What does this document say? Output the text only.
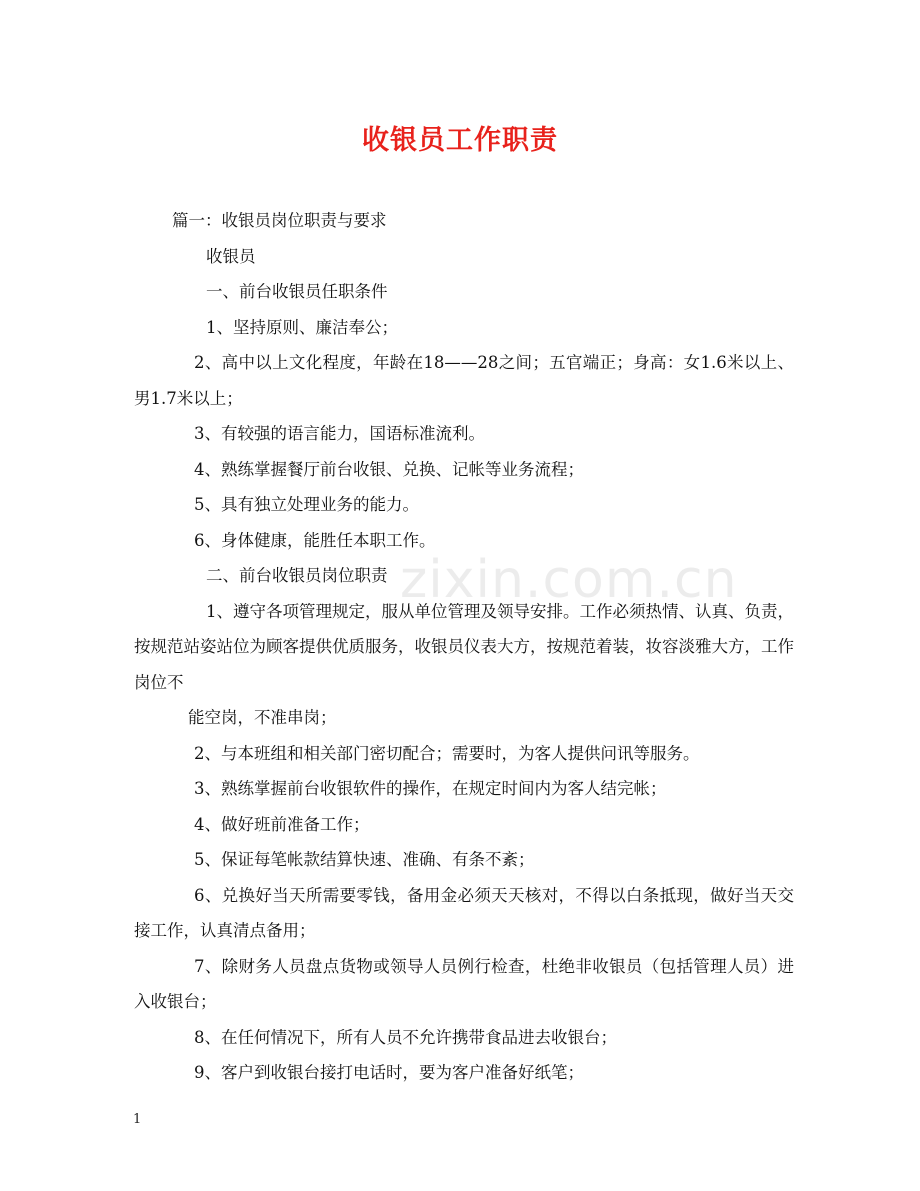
收银员工作职责
zixin.com.cn

篇一：收银员岗位职责与要求

收银员

一、前台收银员任职条件

1、坚持原则、廉洁奉公；

2、高中以上文化程度，年龄在18——28之间；五官端正；身高：女1.6米以上、男1.7米以上；

3、有较强的语言能力，国语标准流利。

4、熟练掌握餐厅前台收银、兑换、记帐等业务流程；

5、具有独立处理业务的能力。

6、身体健康，能胜任本职工作。

二、前台收银员岗位职责

1、遵守各项管理规定，服从单位管理及领导安排。工作必须热情、认真、负责，按规范站姿站位为顾客提供优质服务，收银员仪表大方，按规范着装，妆容淡雅大方，工作岗位不

能空岗，不准串岗；

2、与本班组和相关部门密切配合；需要时，为客人提供问讯等服务。

3、熟练掌握前台收银软件的操作，在规定时间内为客人结完帐；

4、做好班前准备工作；

5、保证每笔帐款结算快速、准确、有条不紊；

6、兑换好当天所需要零钱，备用金必须天天核对，不得以白条抵现，做好当天交接工作，认真清点备用；

7、除财务人员盘点货物或领导人员例行检查，杜绝非收银员（包括管理人员）进入收银台；

8、在任何情况下，所有人员不允许携带食品进去收银台；

9、客户到收银台接打电话时，要为客户准备好纸笔；

1
